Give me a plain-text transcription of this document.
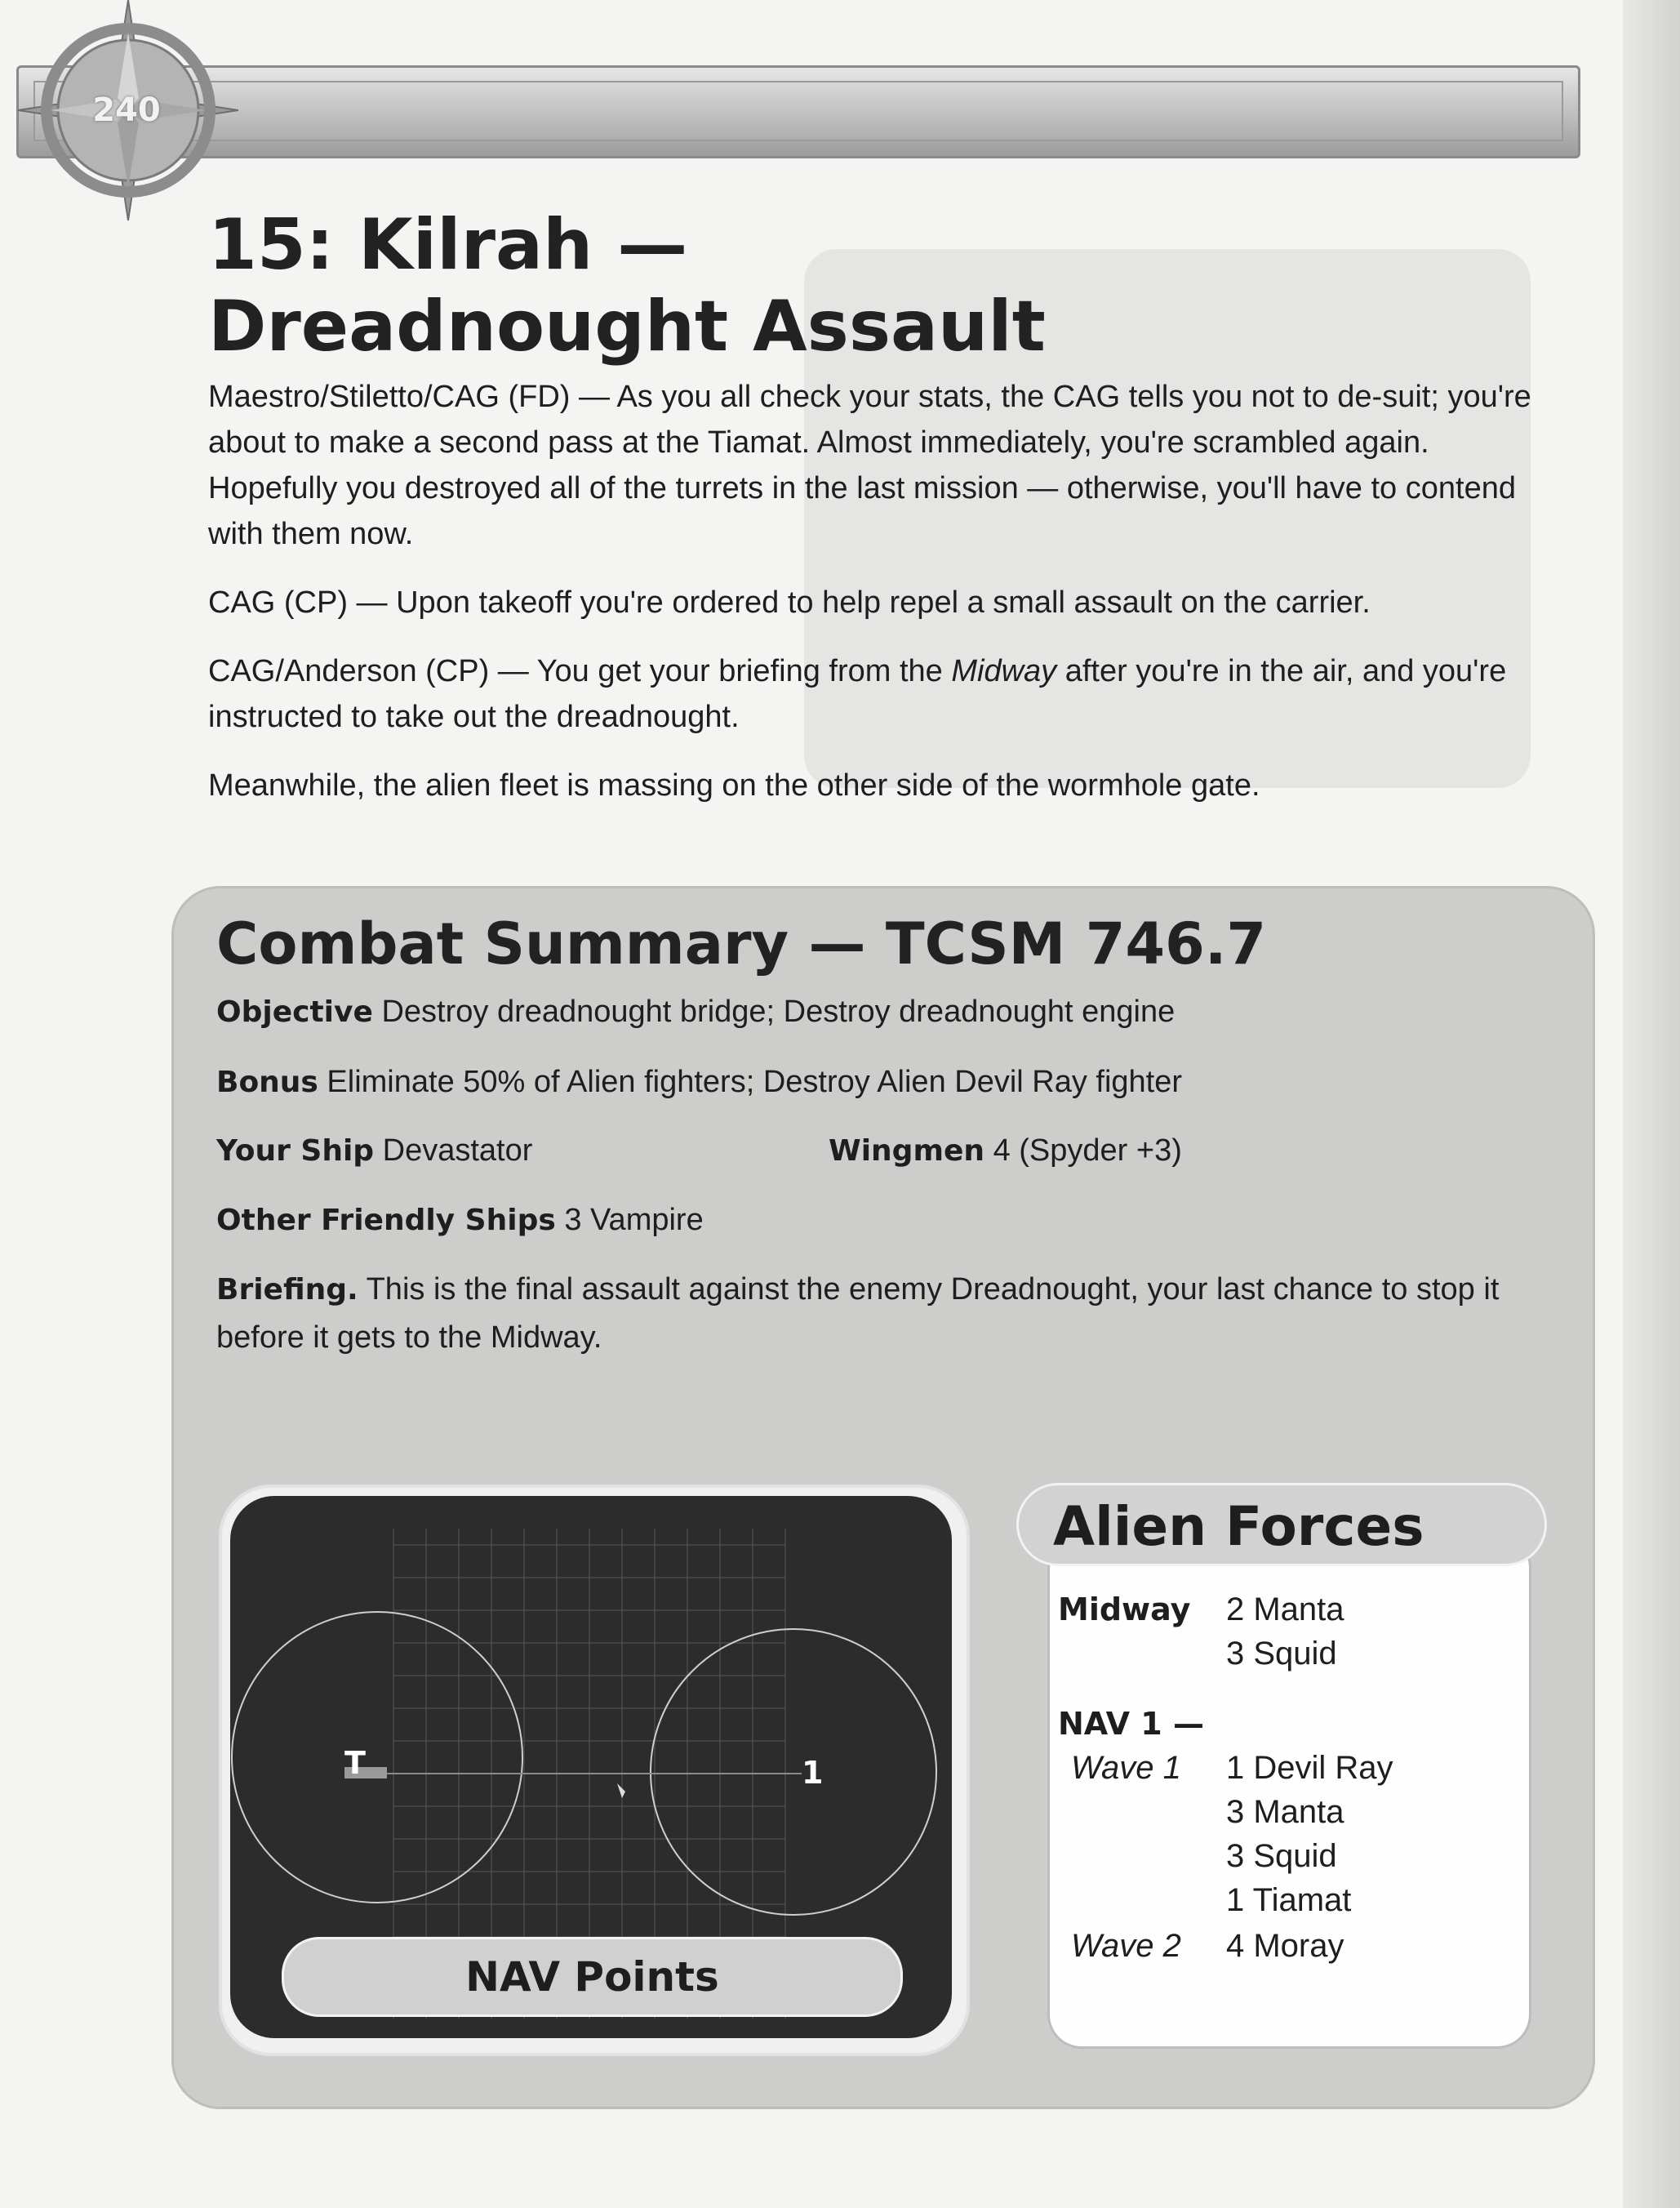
240
15: Kilrah —
Dreadnought Assault
Maestro/Stiletto/CAG (FD) — As you all check your stats, the CAG tells you not to de-suit; you're about to make a second pass at the Tiamat. Almost immediately, you're scrambled again. Hopefully you destroyed all of the turrets in the last mission — otherwise, you'll have to contend with them now.
CAG (CP) — Upon takeoff you're ordered to help repel a small assault on the carrier.
CAG/Anderson (CP) — You get your briefing from the Midway after you're in the air, and you're instructed to take out the dreadnought.
Meanwhile, the alien fleet is massing on the other side of the wormhole gate.
Combat Summary — TCSM 746.7
Objective Destroy dreadnought bridge; Destroy dreadnought engine
Bonus Eliminate 50% of Alien fighters; Destroy Alien Devil Ray fighter
Your Ship Devastator	Wingmen 4 (Spyder +3)
Other Friendly Ships 3 Vampire
Briefing. This is the final assault against the enemy Dreadnought, your last chance to stop it before it gets to the Midway.
T	1
NAV Points
Alien Forces
Midway 2 Manta
3 Squid
NAV 1 —
Wave 1 1 Devil Ray
3 Manta
3 Squid
1 Tiamat
Wave 2 4 Moray
